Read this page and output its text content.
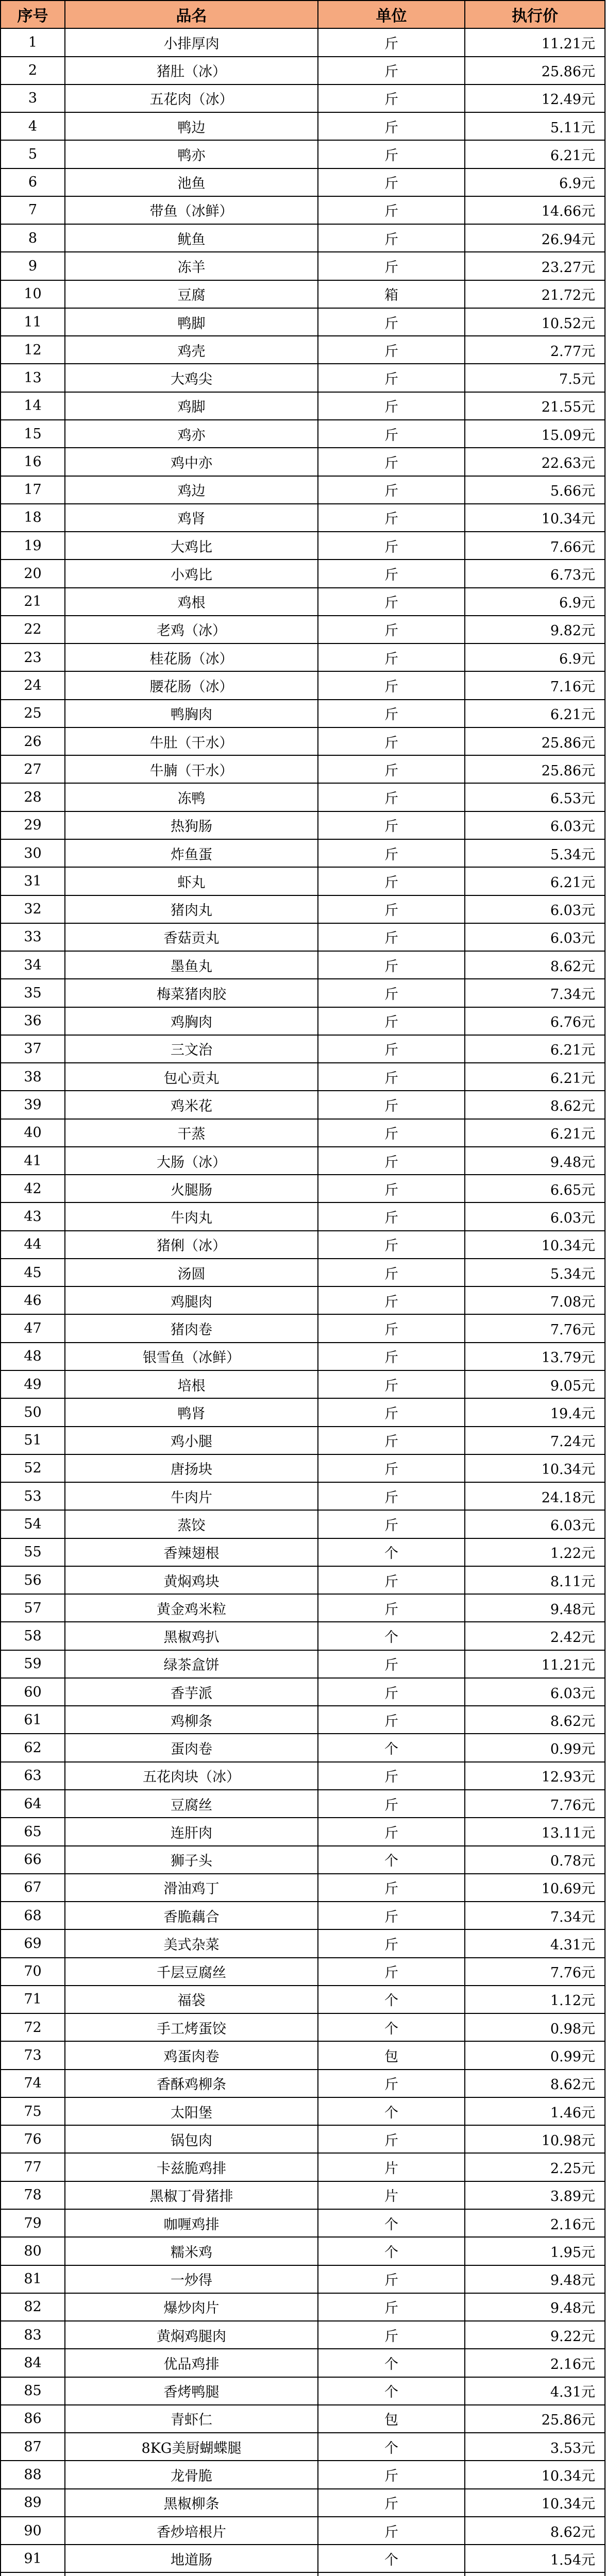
序号	品名	单位	执行价
1	小排厚肉	斤	11.21元
2	猪肚（冰）	斤	25.86元
3	五花肉（冰）	斤	12.49元
4	鸭边	斤	5.11元
5	鸭亦	斤	6.21元
6	池鱼	斤	6.9元
7	带鱼（冰鲜）	斤	14.66元
8	鱿鱼	斤	26.94元
9	冻羊	斤	23.27元
10	豆腐	箱	21.72元
11	鸭脚	斤	10.52元
12	鸡壳	斤	2.77元
13	大鸡尖	斤	7.5元
14	鸡脚	斤	21.55元
15	鸡亦	斤	15.09元
16	鸡中亦	斤	22.63元
17	鸡边	斤	5.66元
18	鸡肾	斤	10.34元
19	大鸡比	斤	7.66元
20	小鸡比	斤	6.73元
21	鸡根	斤	6.9元
22	老鸡（冰）	斤	9.82元
23	桂花肠（冰）	斤	6.9元
24	腰花肠（冰）	斤	7.16元
25	鸭胸肉	斤	6.21元
26	牛肚（干水）	斤	25.86元
27	牛腩（干水）	斤	25.86元
28	冻鸭	斤	6.53元
29	热狗肠	斤	6.03元
30	炸鱼蛋	斤	5.34元
31	虾丸	斤	6.21元
32	猪肉丸	斤	6.03元
33	香菇贡丸	斤	6.03元
34	墨鱼丸	斤	8.62元
35	梅菜猪肉胶	斤	7.34元
36	鸡胸肉	斤	6.76元
37	三文治	斤	6.21元
38	包心贡丸	斤	6.21元
39	鸡米花	斤	8.62元
40	干蒸	斤	6.21元
41	大肠（冰）	斤	9.48元
42	火腿肠	斤	6.65元
43	牛肉丸	斤	6.03元
44	猪俐（冰）	斤	10.34元
45	汤圆	斤	5.34元
46	鸡腿肉	斤	7.08元
47	猪肉卷	斤	7.76元
48	银雪鱼（冰鲜）	斤	13.79元
49	培根	斤	9.05元
50	鸭肾	斤	19.4元
51	鸡小腿	斤	7.24元
52	唐扬块	斤	10.34元
53	牛肉片	斤	24.18元
54	蒸饺	斤	6.03元
55	香辣翅根	个	1.22元
56	黄焖鸡块	斤	8.11元
57	黄金鸡米粒	斤	9.48元
58	黑椒鸡扒	个	2.42元
59	绿茶盒饼	斤	11.21元
60	香芋派	斤	6.03元
61	鸡柳条	斤	8.62元
62	蛋肉卷	个	0.99元
63	五花肉块（冰）	斤	12.93元
64	豆腐丝	斤	7.76元
65	连肝肉	斤	13.11元
66	狮子头	个	0.78元
67	滑油鸡丁	斤	10.69元
68	香脆藕合	斤	7.34元
69	美式杂菜	斤	4.31元
70	千层豆腐丝	斤	7.76元
71	福袋	个	1.12元
72	手工烤蛋饺	个	0.98元
73	鸡蛋肉卷	包	0.99元
74	香酥鸡柳条	斤	8.62元
75	太阳堡	个	1.46元
76	锅包肉	斤	10.98元
77	卡兹脆鸡排	片	2.25元
78	黑椒丁骨猪排	片	3.89元
79	咖喱鸡排	个	2.16元
80	糯米鸡	个	1.95元
81	一炒得	斤	9.48元
82	爆炒肉片	斤	9.48元
83	黄焖鸡腿肉	斤	9.22元
84	优品鸡排	个	2.16元
85	香烤鸭腿	个	4.31元
86	青虾仁	包	25.86元
87	8KG美厨蝴蝶腿	个	3.53元
88	龙骨脆	斤	10.34元
89	黑椒柳条	斤	10.34元
90	香炒培根片	斤	8.62元
91	地道肠	个	1.54元
